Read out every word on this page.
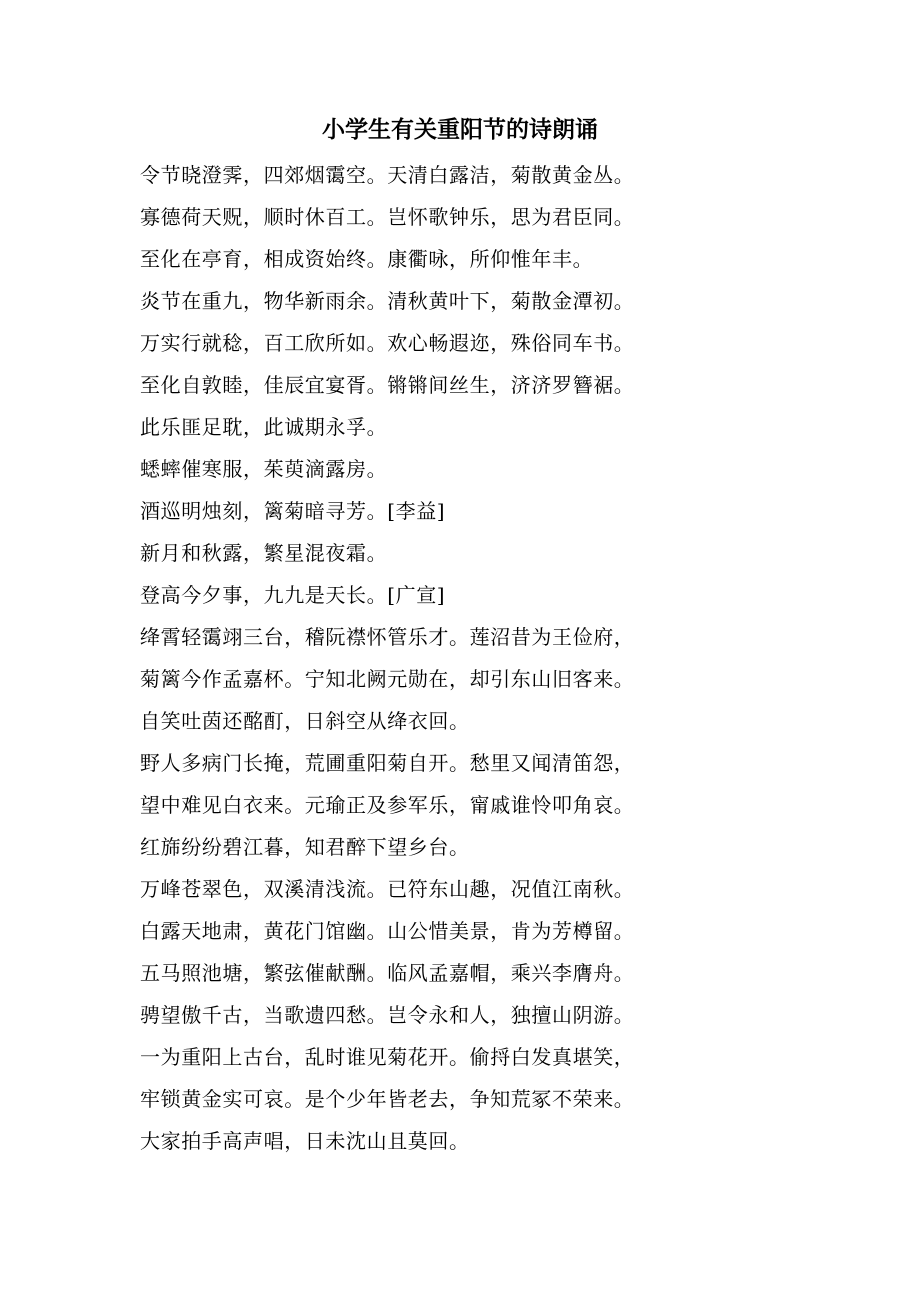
小学生有关重阳节的诗朗诵
令节晓澄霁，四郊烟霭空。天清白露洁，菊散黄金丛。
寡德荷天贶，顺时休百工。岂怀歌钟乐，思为君臣同。
至化在亭育，相成资始终。康衢咏，所仰惟年丰。
炎节在重九，物华新雨余。清秋黄叶下，菊散金潭初。
万实行就稔，百工欣所如。欢心畅遐迩，殊俗同车书。
至化自敦睦，佳辰宜宴胥。锵锵间丝生，济济罗簪裾。
此乐匪足耽，此诚期永孚。
蟋蟀催寒服，茱萸滴露房。
酒巡明烛刻，篱菊暗寻芳。[李益]
新月和秋露，繁星混夜霜。
登高今夕事，九九是天长。[广宣]
绛霄轻霭翊三台，稽阮襟怀管乐才。莲沼昔为王俭府，
菊篱今作孟嘉杯。宁知北阙元勋在，却引东山旧客来。
自笑吐茵还酩酊，日斜空从绛衣回。
野人多病门长掩，荒圃重阳菊自开。愁里又闻清笛怨，
望中难见白衣来。元瑜正及参军乐，甯戚谁怜叩角哀。
红旆纷纷碧江暮，知君醉下望乡台。
万峰苍翠色，双溪清浅流。已符东山趣，况值江南秋。
白露天地肃，黄花门馆幽。山公惜美景，肯为芳樽留。
五马照池塘，繁弦催献酬。临风孟嘉帽，乘兴李膺舟。
骋望傲千古，当歌遗四愁。岂令永和人，独擅山阴游。
一为重阳上古台，乱时谁见菊花开。偷捋白发真堪笑，
牢锁黄金实可哀。是个少年皆老去，争知荒冢不荣来。
大家拍手高声唱，日未沈山且莫回。
